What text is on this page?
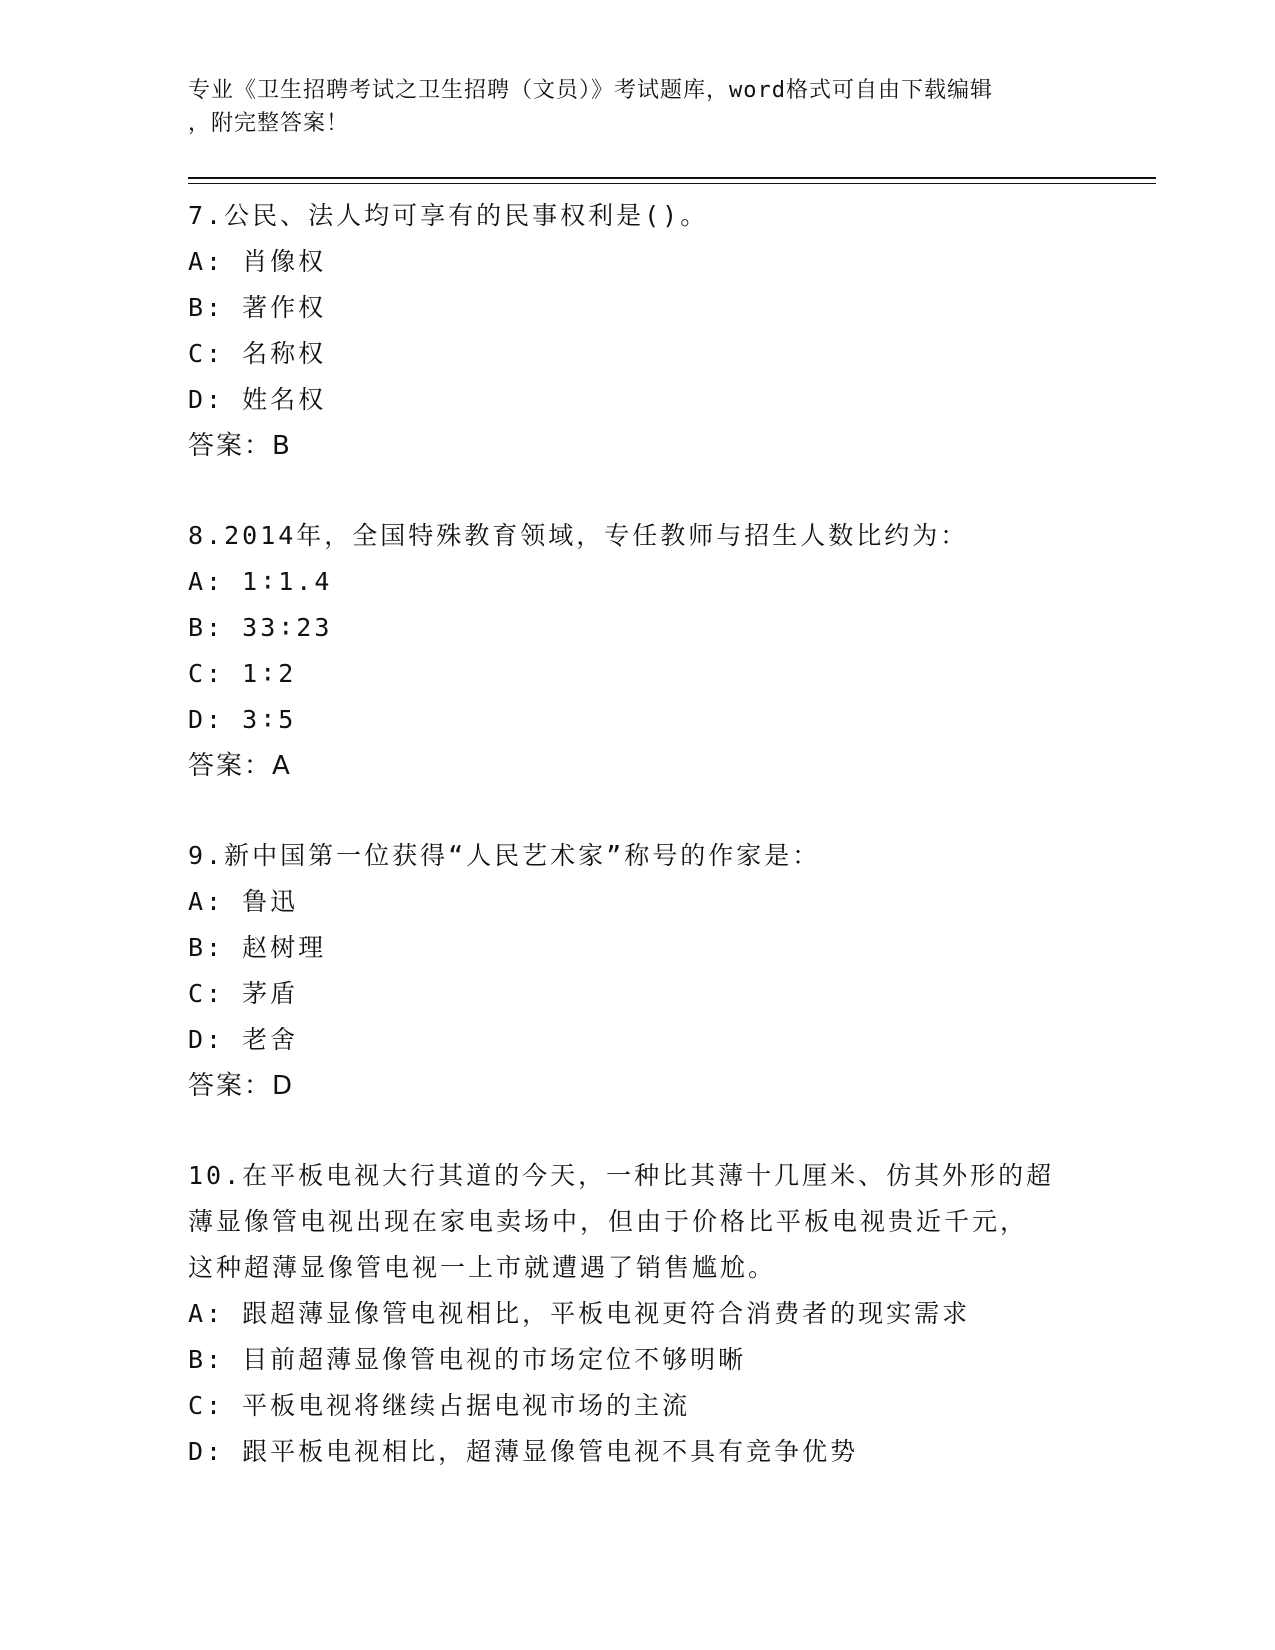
专业《卫生招聘考试之卫生招聘（文员）》考试题库，word格式可自由下载编辑
，附完整答案！
7.公民、法人均可享有的民事权利是()。
A: 肖像权
B: 著作权
C: 名称权
D: 姓名权
答案：B
8.2014年，全国特殊教育领域，专任教师与招生人数比约为：
A: 1∶1.4
B: 33∶23
C: 1∶2
D: 3∶5
答案：A
9.新中国第一位获得“人民艺术家”称号的作家是：
A: 鲁迅
B: 赵树理
C: 茅盾
D: 老舍
答案：D
10.在平板电视大行其道的今天，一种比其薄十几厘米、仿其外形的超
薄显像管电视出现在家电卖场中，但由于价格比平板电视贵近千元，
这种超薄显像管电视一上市就遭遇了销售尴尬。
A: 跟超薄显像管电视相比，平板电视更符合消费者的现实需求
B: 目前超薄显像管电视的市场定位不够明晰
C: 平板电视将继续占据电视市场的主流
D: 跟平板电视相比，超薄显像管电视不具有竞争优势
